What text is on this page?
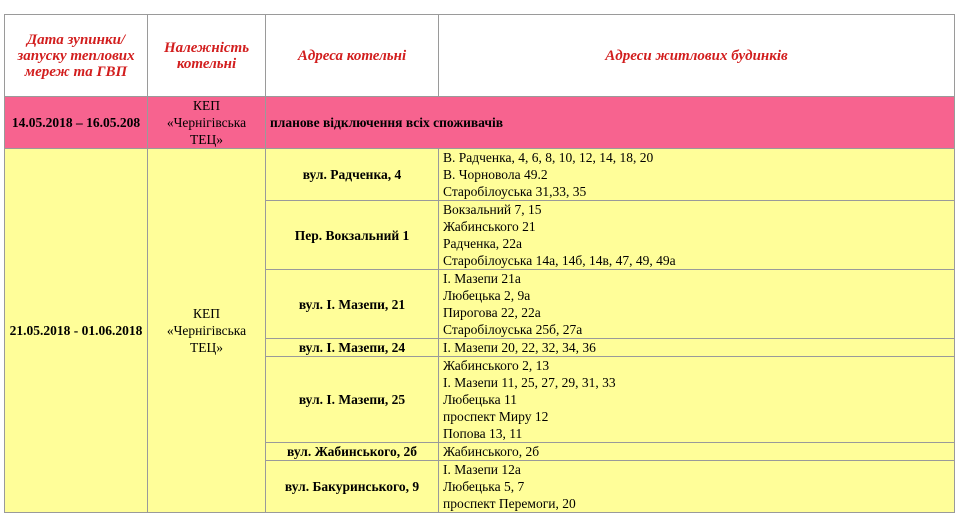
Дата зупинки/запуску теплових мереж та ГВП	Належність котельні	Адреса котельні	Адреси житлових будинків
14.05.2018 – 16.05.208	КЕП «Чернігівська ТЕЦ»	планове відключення всіх споживачів	
21.05.2018 - 01.06.2018	КЕП «Чернігівська ТЕЦ»	вул. Радченка, 4	В. Радченка, 4, 6, 8, 10, 12, 14, 18, 20
В. Чорновола 49.2
Старобілоуська 31,33, 35

		Пер. Вокзальний 1	Вокзальний 7, 15
Жабинського 21
Радченка, 22а
Старобілоуська 14а, 14б, 14в, 47, 49, 49а

		вул. І. Мазепи, 21	І. Мазепи 21а
Любецька 2, 9а
Пирогова 22, 22а
Старобілоуська 25б, 27а

		вул. І. Мазепи, 24	І. Мазепи 20, 22, 32, 34, 36

		вул. І. Мазепи, 25	Жабинського 2, 13
І. Мазепи 11, 25, 27, 29, 31, 33
Любецька 11
проспект Миру 12
Попова 13, 11

		вул. Жабинського, 2б	Жабинського, 2б

		вул. Бакуринського, 9	І. Мазепи 12а
Любецька 5, 7
проспект Перемоги, 20
